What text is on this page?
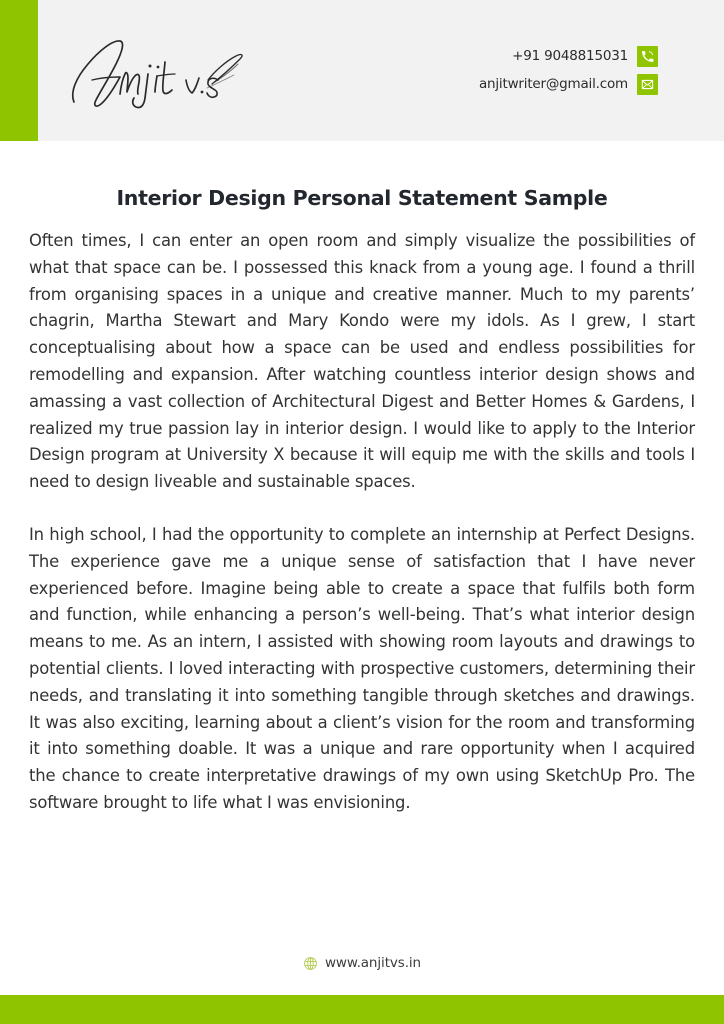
+91 9048815031
anjitwriter@gmail.com
Interior Design Personal Statement Sample

Often times, I can enter an open room and simply visualize the possibilities of what that space can be. I possessed this knack from a young age. I found a thrill from organising spaces in a unique and creative manner. Much to my parents’ chagrin, Martha Stewart and Mary Kondo were my idols. As I grew, I start conceptualising about how a space can be used and endless possibilities for remodelling and expansion. After watching countless interior design shows and amassing a vast collection of Architectural Digest and Better Homes & Gardens, I realized my true passion lay in interior design. I would like to apply to the Interior Design program at University X because it will equip me with the skills and tools I need to design liveable and sustainable spaces.

In high school, I had the opportunity to complete an internship at Perfect Designs. The experience gave me a unique sense of satisfaction that I have never experienced before. Imagine being able to create a space that fulfils both form and function, while enhancing a person’s well-being. That’s what interior design means to me. As an intern, I assisted with showing room layouts and drawings to potential clients. I loved interacting with prospective customers, determining their needs, and translating it into something tangible through sketches and drawings. It was also exciting, learning about a client’s vision for the room and transforming it into something doable. It was a unique and rare opportunity when I acquired the chance to create interpretative drawings of my own using SketchUp Pro. The software brought to life what I was envisioning.

www.anjitvs.in
